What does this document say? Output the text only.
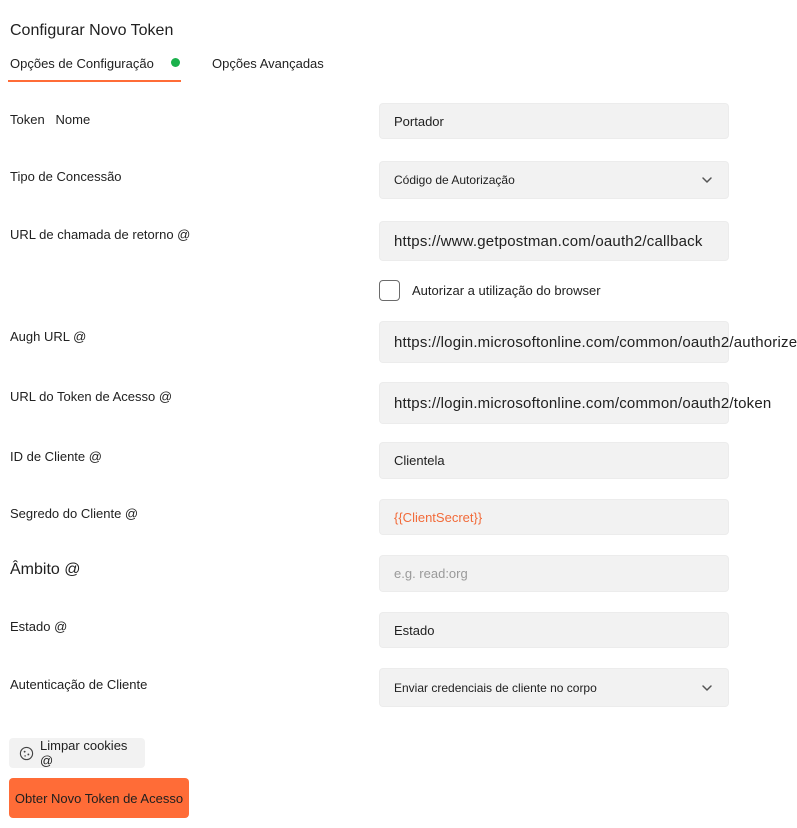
Configurar Novo Token
Opções de Configuração	Opções Avançadas
Token Nome	Portador
Tipo de Concessão	Código de Autorização
URL de chamada de retorno @	https://www.getpostman.com/oauth2/callback
Autorizar a utilização do browser
Augh URL @	https://login.microsoftonline.com/common/oauth2/authorize
URL do Token de Acesso @	https://login.microsoftonline.com/common/oauth2/token
ID de Cliente @	Clientela
Segredo do Cliente @	{{ClientSecret}}
Âmbito @	e.g. read:org
Estado @	Estado
Autenticação de Cliente	Enviar credenciais de cliente no corpo
Limpar cookies @
Obter Novo Token de Acesso
